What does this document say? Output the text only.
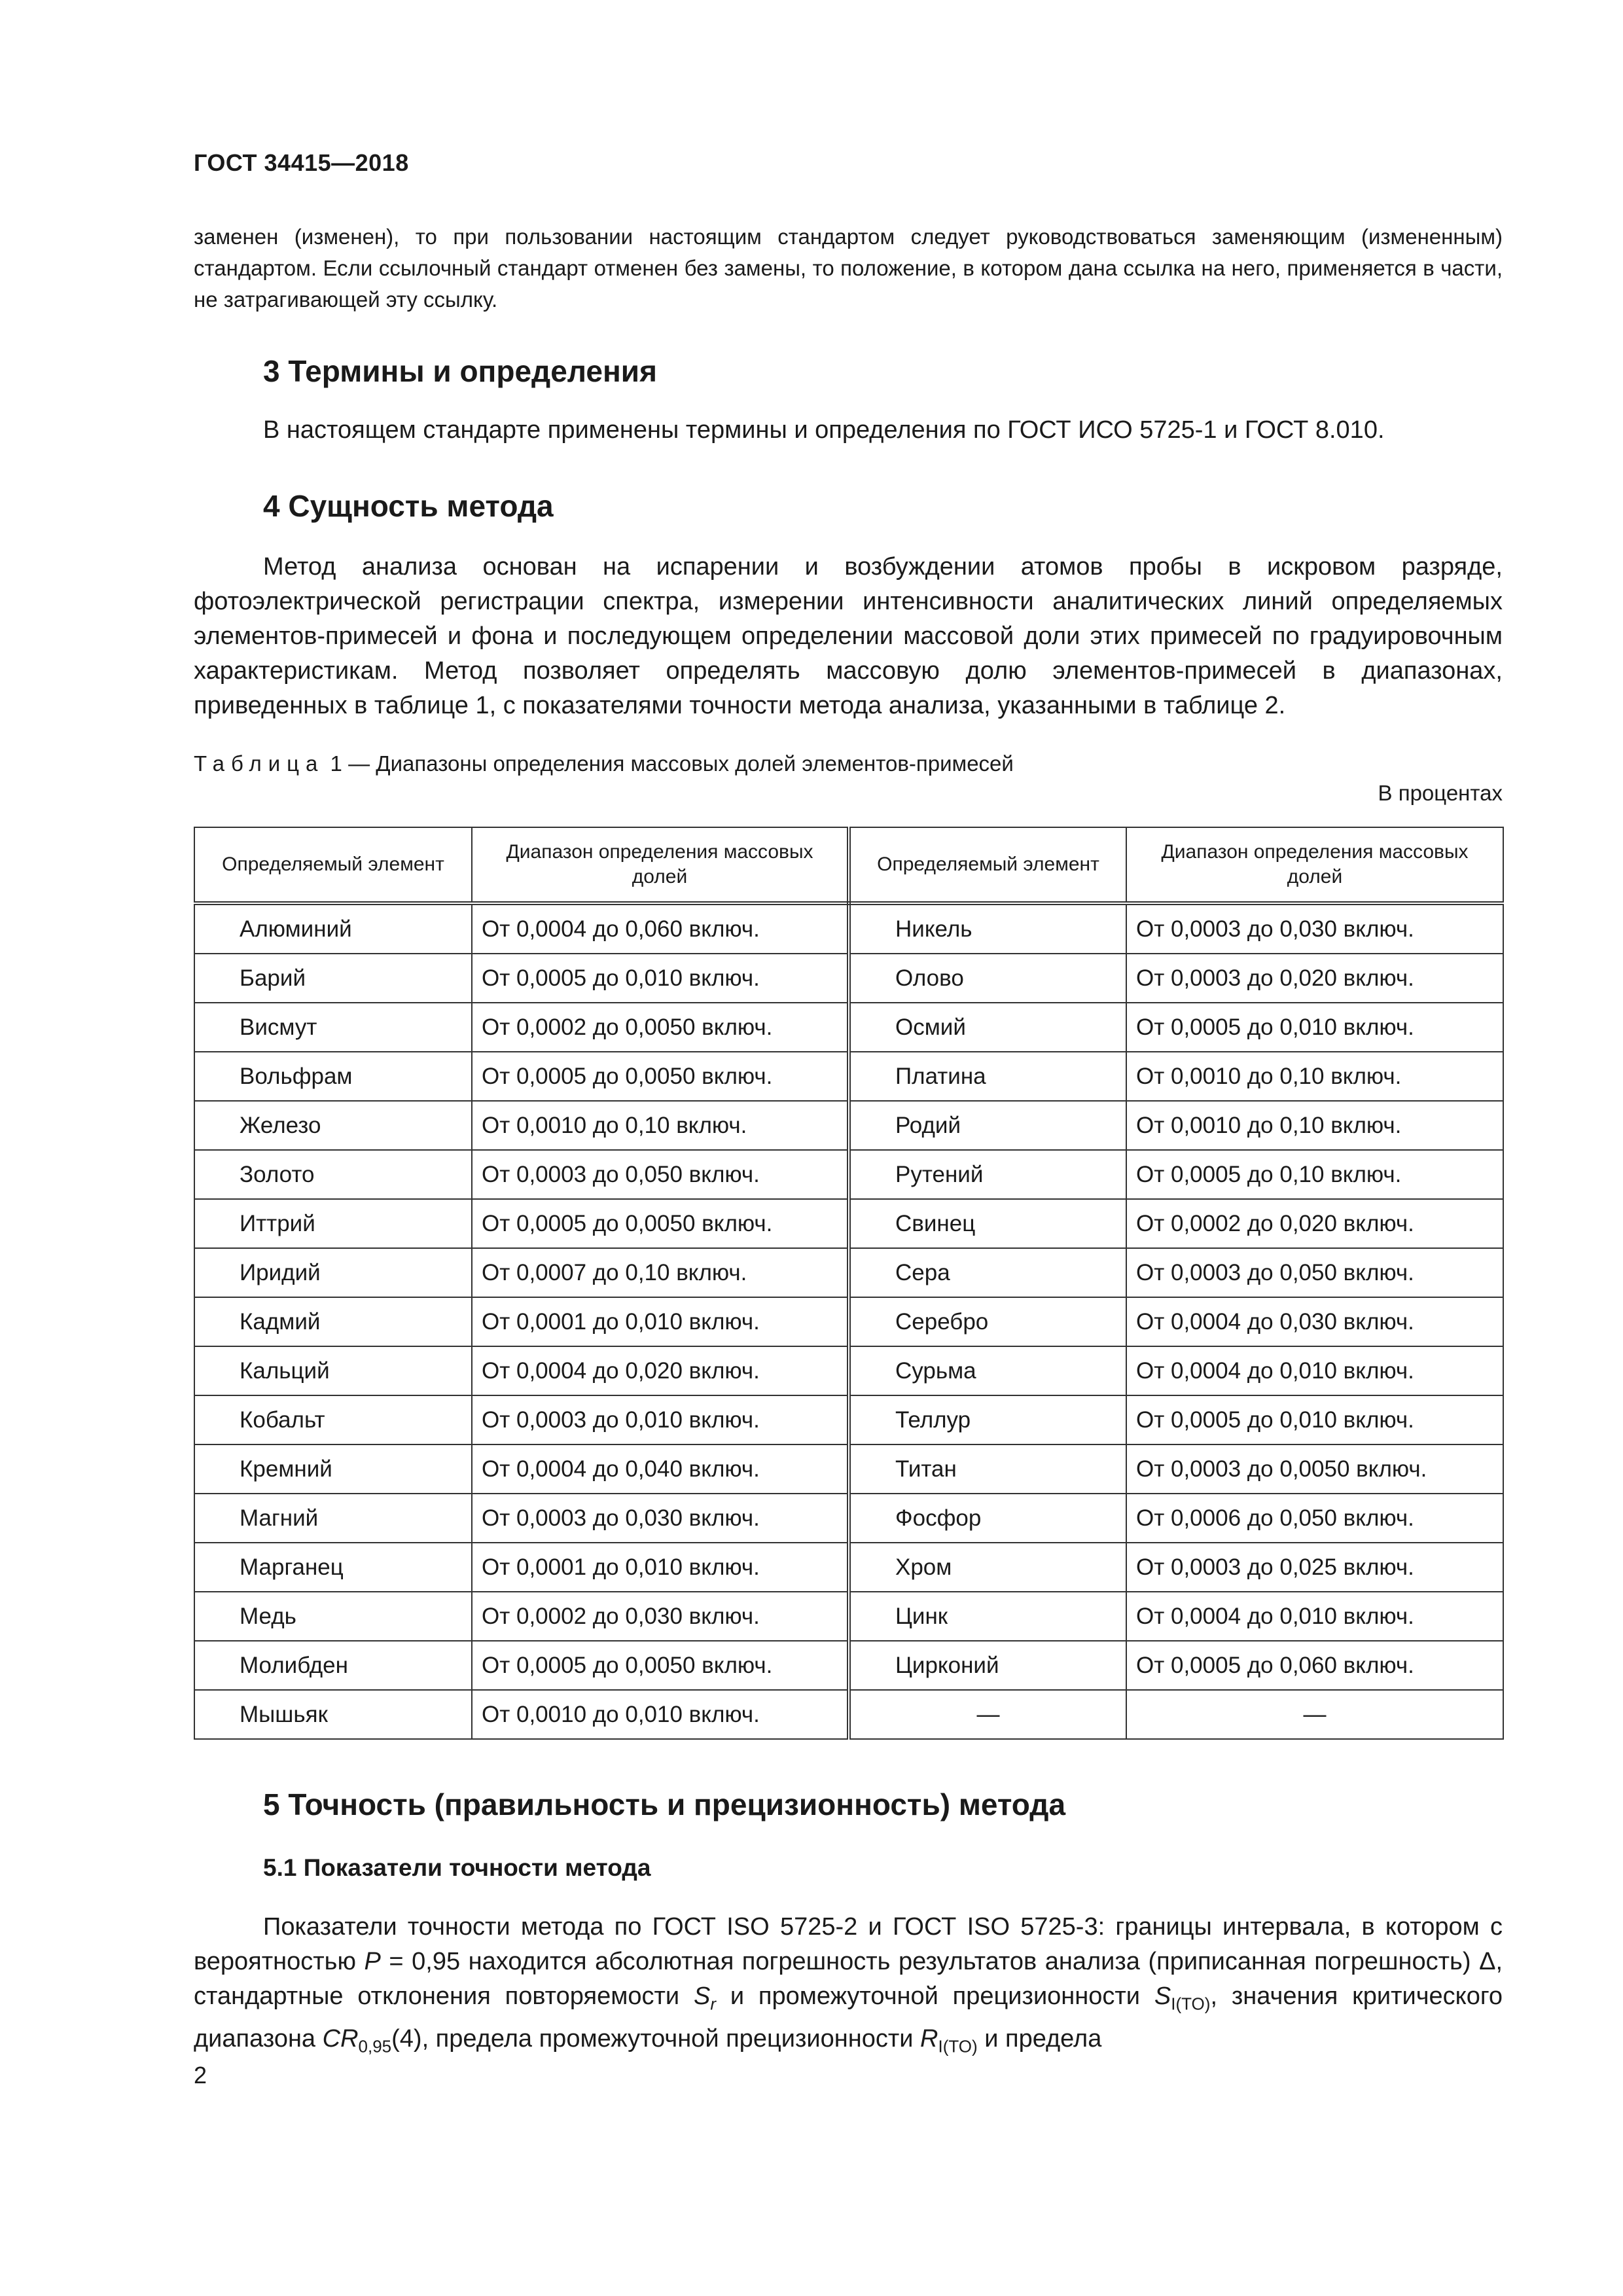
ГОСТ 34415—2018
заменен (изменен), то при пользовании настоящим стандартом следует руководствоваться заменяющим (измененным) стандартом. Если ссылочный стандарт отменен без замены, то положение, в котором дана ссылка на него, применяется в части, не затрагивающей эту ссылку.
3 Термины и определения
В настоящем стандарте применены термины и определения по ГОСТ ИСО 5725-1 и ГОСТ 8.010.
4 Сущность метода
Метод анализа основан на испарении и возбуждении атомов пробы в искровом разряде, фотоэлектрической регистрации спектра, измерении интенсивности аналитических линий определяемых элементов-примесей и фона и последующем определении массовой доли этих примесей по градуировочным характеристикам. Метод позволяет определять массовую долю элементов-примесей в диапазонах, приведенных в таблице 1, с показателями точности метода анализа, указанными в таблице 2.
Таблица 1 — Диапазоны определения массовых долей элементов-примесей
В процентах
Определяемый элемент	Диапазон определения массовых долей	Определяемый элемент	Диапазон определения массовых долей
Алюминий	От 0,0004 до 0,060 включ.	Никель	От 0,0003 до 0,030 включ.
Барий	От 0,0005 до 0,010 включ.	Олово	От 0,0003 до 0,020 включ.
Висмут	От 0,0002 до 0,0050 включ.	Осмий	От 0,0005 до 0,010 включ.
Вольфрам	От 0,0005 до 0,0050 включ.	Платина	От 0,0010 до 0,10 включ.
Железо	От 0,0010 до 0,10 включ.	Родий	От 0,0010 до 0,10 включ.
Золото	От 0,0003 до 0,050 включ.	Рутений	От 0,0005 до 0,10 включ.
Иттрий	От 0,0005 до 0,0050 включ.	Свинец	От 0,0002 до 0,020 включ.
Иридий	От 0,0007 до 0,10 включ.	Сера	От 0,0003 до 0,050 включ.
Кадмий	От 0,0001 до 0,010 включ.	Серебро	От 0,0004 до 0,030 включ.
Кальций	От 0,0004 до 0,020 включ.	Сурьма	От 0,0004 до 0,010 включ.
Кобальт	От 0,0003 до 0,010 включ.	Теллур	От 0,0005 до 0,010 включ.
Кремний	От 0,0004 до 0,040 включ.	Титан	От 0,0003 до 0,0050 включ.
Магний	От 0,0003 до 0,030 включ.	Фосфор	От 0,0006 до 0,050 включ.
Марганец	От 0,0001 до 0,010 включ.	Хром	От 0,0003 до 0,025 включ.
Медь	От 0,0002 до 0,030 включ.	Цинк	От 0,0004 до 0,010 включ.
Молибден	От 0,0005 до 0,0050 включ.	Цирконий	От 0,0005 до 0,060 включ.
Мышьяк	От 0,0010 до 0,010 включ.	—	—
5 Точность (правильность и прецизионность) метода
5.1 Показатели точности метода
Показатели точности метода по ГОСТ ISO 5725-2 и ГОСТ ISO 5725-3: границы интервала, в котором с вероятностью P = 0,95 находится абсолютная погрешность результатов анализа (приписанная погрешность) Δ, стандартные отклонения повторяемости $S_r$ и промежуточной прецизионности $S_{I(TO)}$, значения критического диапазона $CR_{0,95}(4)$, предела промежуточной прецизионности $R_{I(TO)}$ и предела
2
